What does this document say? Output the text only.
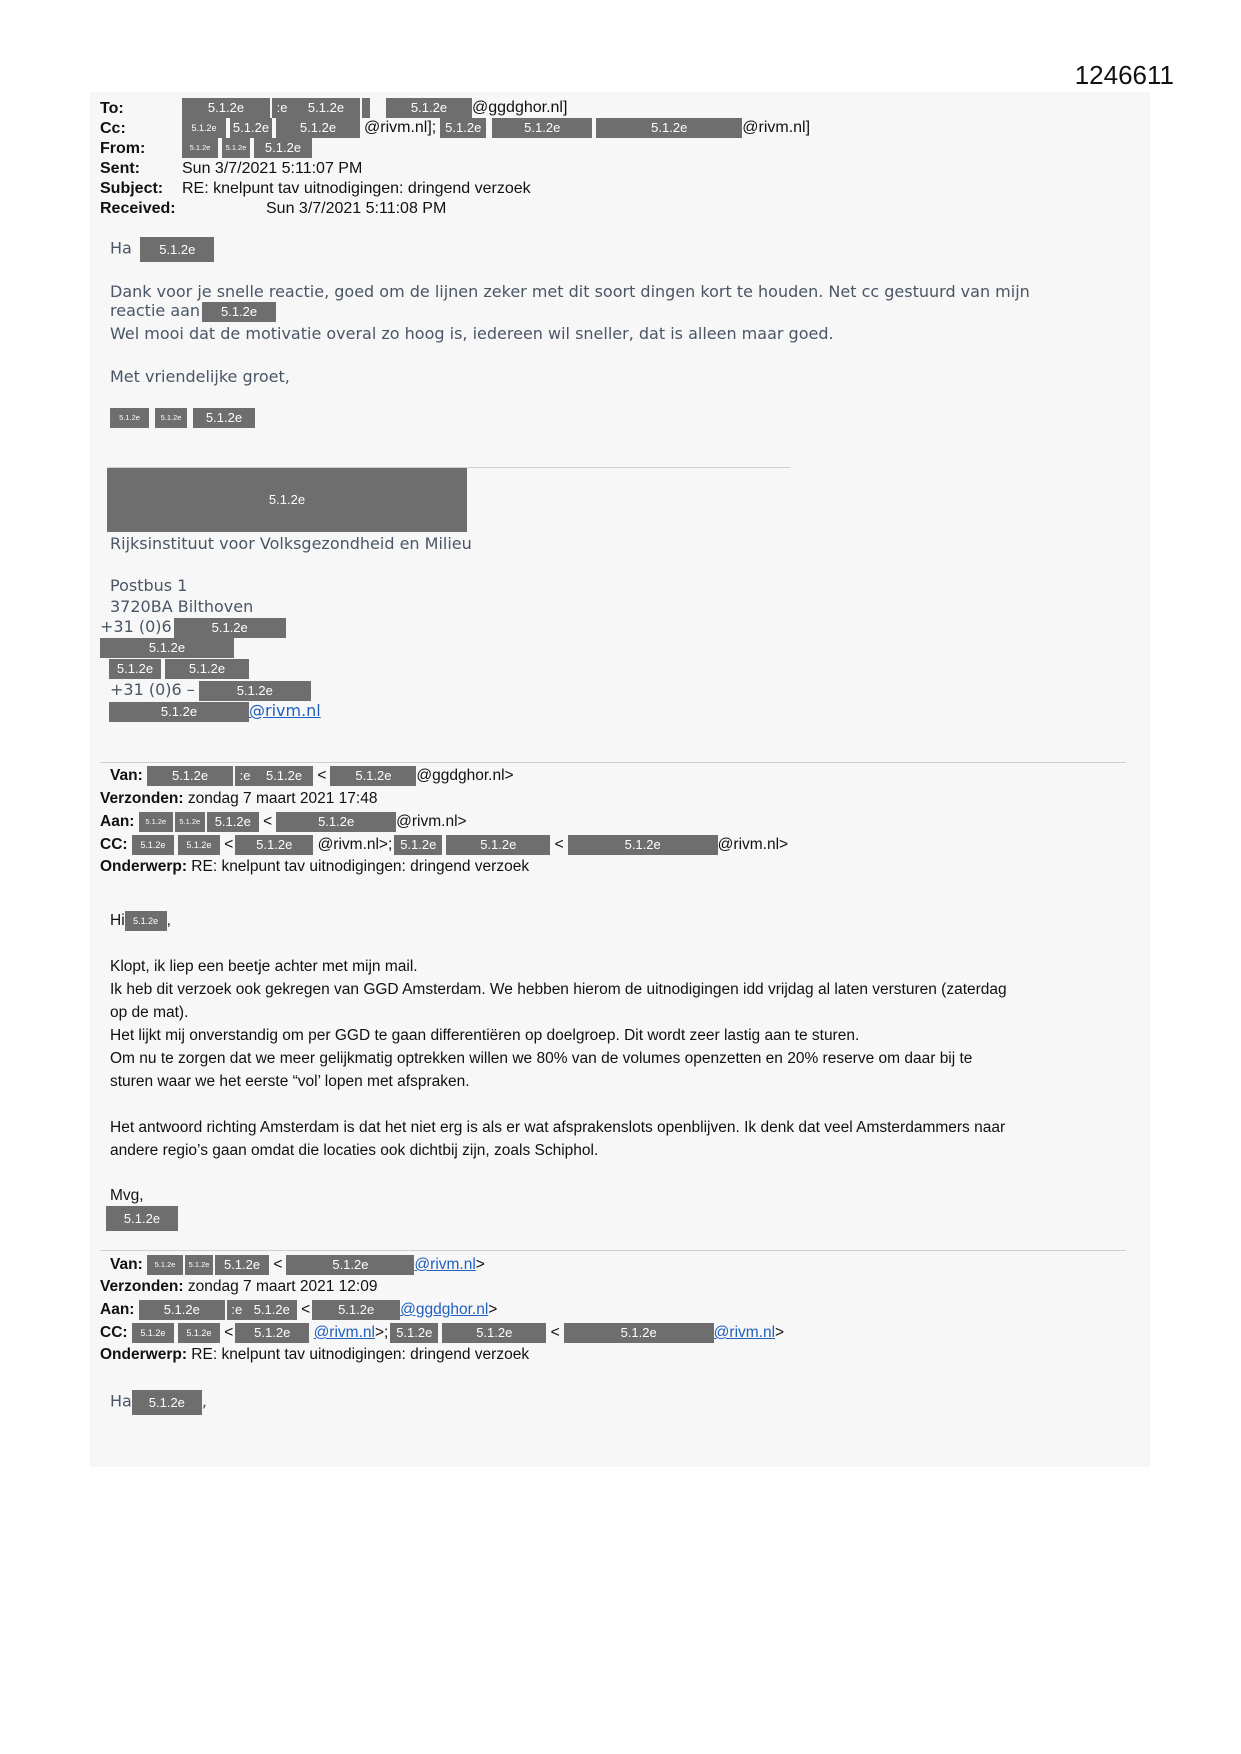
1246611
To:	5.1.2e	:e 5.1.2e	5.1.2e @ggdghor.nl]
Cc:	5.1.2e 5.1.2e 5.1.2e @rivm.nl]; 5.1.2e	5.1.2e	5.1.2e	@rivm.nl]
From:	5.1.2e 5.1.2e 5.1.2e
Sent:	Sun 3/7/2021 5:11:07 PM
Subject: RE: knelpunt tav uitnodigingen: dringend verzoek
Received:	Sun 3/7/2021 5:11:08 PM
Ha 5.1.2e
Dank voor je snelle reactie, goed om de lijnen zeker met dit soort dingen kort te houden. Net cc gestuurd van mijn
reactie aan 5.1.2e
Wel mooi dat de motivatie overal zo hoog is, iedereen wil sneller, dat is alleen maar goed.
Met vriendelijke groet,
5.1.2e	5.1.2e 5.1.2e
5.1.2e
Rijksinstituut voor Volksgezondheid en Milieu
Postbus 1
3720BA Bilthoven
+31 (0)6	5.1.2e
5.1.2e
5.1.2e	5.1.2e
+31 (0)6 –	5.1.2e
5.1.2e	@rivm.nl
Van: 5.1.2e :e 5.1.2e < 5.1.2e @ggdghor.nl>
Verzonden: zondag 7 maart 2021 17:48
Aan: 5.1.2e 5.1.2e 5.1.2e <	5.1.2e	@rivm.nl>
CC: 5.1.2e 5.1.2e < 5.1.2e @rivm.nl>; 5.1.2e	5.1.2e <	5.1.2e	@rivm.nl>
Onderwerp: RE: knelpunt tav uitnodigingen: dringend verzoek
Hi 5.1.2e ,
Klopt, ik liep een beetje achter met mijn mail.
Ik heb dit verzoek ook gekregen van GGD Amsterdam. We hebben hierom de uitnodigingen idd vrijdag al laten versturen (zaterdag
op de mat).
Het lijkt mij onverstandig om per GGD te gaan differentiëren op doelgroep. Dit wordt zeer lastig aan te sturen.
Om nu te zorgen dat we meer gelijkmatig optrekken willen we 80% van de volumes openzetten en 20% reserve om daar bij te
sturen waar we het eerste “vol’ lopen met afspraken.
Het antwoord richting Amsterdam is dat het niet erg is als er wat afsprakenslots openblijven. Ik denk dat veel Amsterdammers naar
andere regio’s gaan omdat die locaties ook dichtbij zijn, zoals Schiphol.
Mvg,
5.1.2e
Van: 5.1.2e 5.1.2e 5.1.2e <	5.1.2e	@rivm.nl>
Verzonden: zondag 7 maart 2021 12:09
Aan: 5.1.2e :e 5.1.2e < 5.1.2e @ggdghor.nl>
CC: 5.1.2e 5.1.2e < 5.1.2e @rivm.nl>; 5.1.2e	5.1.2e <	5.1.2e	@rivm.nl>
Onderwerp: RE: knelpunt tav uitnodigingen: dringend verzoek
Ha 5.1.2e ,
